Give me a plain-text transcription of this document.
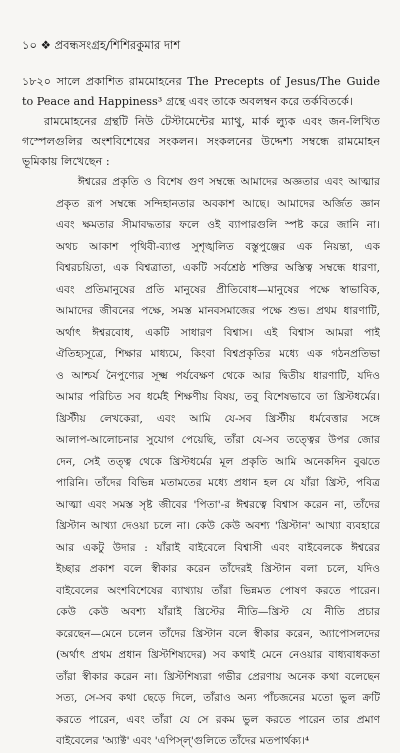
১০ ❖ প্রবন্ধসংগ্রহ/শিশিরকুমার দাশ
১৮২০ সালে প্রকাশিত রামমোহনের The Precepts of Jesus/The Guide
to Peace and Happiness³ গ্রন্থে এবং তাকে অবলম্বন করে তর্কবিতর্কে।
রামমোহনের গ্রন্থটি নিউ টেস্টামেন্টের ম্যাথু, মার্ক ল্যুক এবং জন-লিখিত
গস্পেলগুলির অংশবিশেষের সংকলন। সংকলনের উদ্দেশ্য সম্বন্ধে রামমোহন
ভূমিকায় লিখেছেন :
ঈশ্বরের প্রকৃতি ও বিশেষ গুণ সম্বন্ধে আমাদের অজ্ঞতার এবং আত্মার
প্রকৃত রূপ সম্বন্ধে সন্দিহানতার অবকাশ আছে। আমাদের অর্জিত জ্ঞান
এবং ক্ষমতার সীমাবদ্ধতার ফলে ওই ব্যাপারগুলি স্পষ্ট করে জানি না।
অথচ আকাশ পৃথিবী-ব্যাপ্ত সুশৃঙ্খলিত বস্তুপুঞ্জের এক নিয়ন্তা, এক
বিশ্বরচয়িতা, এক বিশ্বত্রাতা, একটি সর্বশ্রেষ্ঠ শক্তির অস্তিত্ব সম্বন্ধে ধারণা,
এবং প্রতিমানুষের প্রতি মানুষের প্রীতিবোধ—মানুষের পক্ষে স্বাভাবিক,
আমাদের জীবনের পক্ষে, সমস্ত মানবসমাজের পক্ষে শুভ। প্রথম ধারণাটি,
অর্থাৎ ঈশ্বরবোধ, একটি সাধারণ বিশ্বাস। এই বিশ্বাস আমরা পাই
ঐতিহ্যসূত্রে, শিক্ষার মাধ্যমে, কিংবা বিশ্বপ্রকৃতির মধ্যে এক গঠনপ্রতিভা
ও আশ্চর্য নৈপুণ্যের সূক্ষ্ম পর্যবেক্ষণ থেকে আর দ্বিতীয় ধারণাটি, যদিও
আমার পরিচিত সব ধর্মেই শিক্ষণীয় বিষয়, তবু বিশেষভাবে তা খ্রিস্টধর্মের।
খ্রিস্টীয় লেখকেরা, এবং আমি যে-সব খ্রিস্টীয় ধর্মবেত্তার সঙ্গে
আলাপ-আলোচনার সুযোগ পেয়েছি, তাঁরা যে-সব তত্ত্বের উপর জোর
দেন, সেই তত্ত্ব থেকে খ্রিস্টধর্মের মূল প্রকৃতি আমি অনেকদিন বুঝতে
পারিনি। তাঁদের বিভিন্ন মতামতের মধ্যে প্রধান হল যে যাঁরা খ্রিস্ট, পবিত্র
আত্মা এবং সমস্ত সৃষ্ট জীবের 'পিতা'-র ঈশ্বরত্বে বিশ্বাস করেন না, তাঁদের
খ্রিস্টান আখ্যা দেওয়া চলে না। কেউ কেউ অবশ্য 'খ্রিস্টান' আখ্যা ব্যবহারে
আর একটু উদার : যাঁরাই বাইবেলে বিশ্বাসী এবং বাইবেলকে ঈশ্বরের
ইচ্ছার প্রকাশ বলে স্বীকার করেন তাঁদেরই খ্রিস্টান বলা চলে, যদিও
বাইবেলের অংশবিশেষের ব্যাখ্যায় তাঁরা ভিন্নমত পোষণ করতে পারেন।
কেউ কেউ অবশ্য যাঁরাই খ্রিস্টের নীতি—খ্রিস্ট যে নীতি প্রচার
করেছেন—মেনে চলেন তাঁদের খ্রিস্টান বলে স্বীকার করেন, অ্যাপোসলদের
(অর্থাৎ প্রথম প্রধান খ্রিস্টশিষ্যদের) সব কথাই মেনে নেওয়ার বাধ্যবাধকতা
তাঁরা স্বীকার করেন না। খ্রিস্টশিষ্যরা গভীর প্রেরণায় অনেক কথা বলেছেন
সত্য, সে-সব কথা ছেড়ে দিলে, তাঁরাও অন্য পাঁচজনের মতো ভুল ক্রটি
করতে পারেন, এবং তাঁরা যে সে রকম ভুল করতে পারেন তার প্রমাণ
বাইবেলের 'অ্যাক্ট' এবং 'এপিস্‌ল্‌'গুলিতে তাঁদের মতপার্থক্য।⁴
